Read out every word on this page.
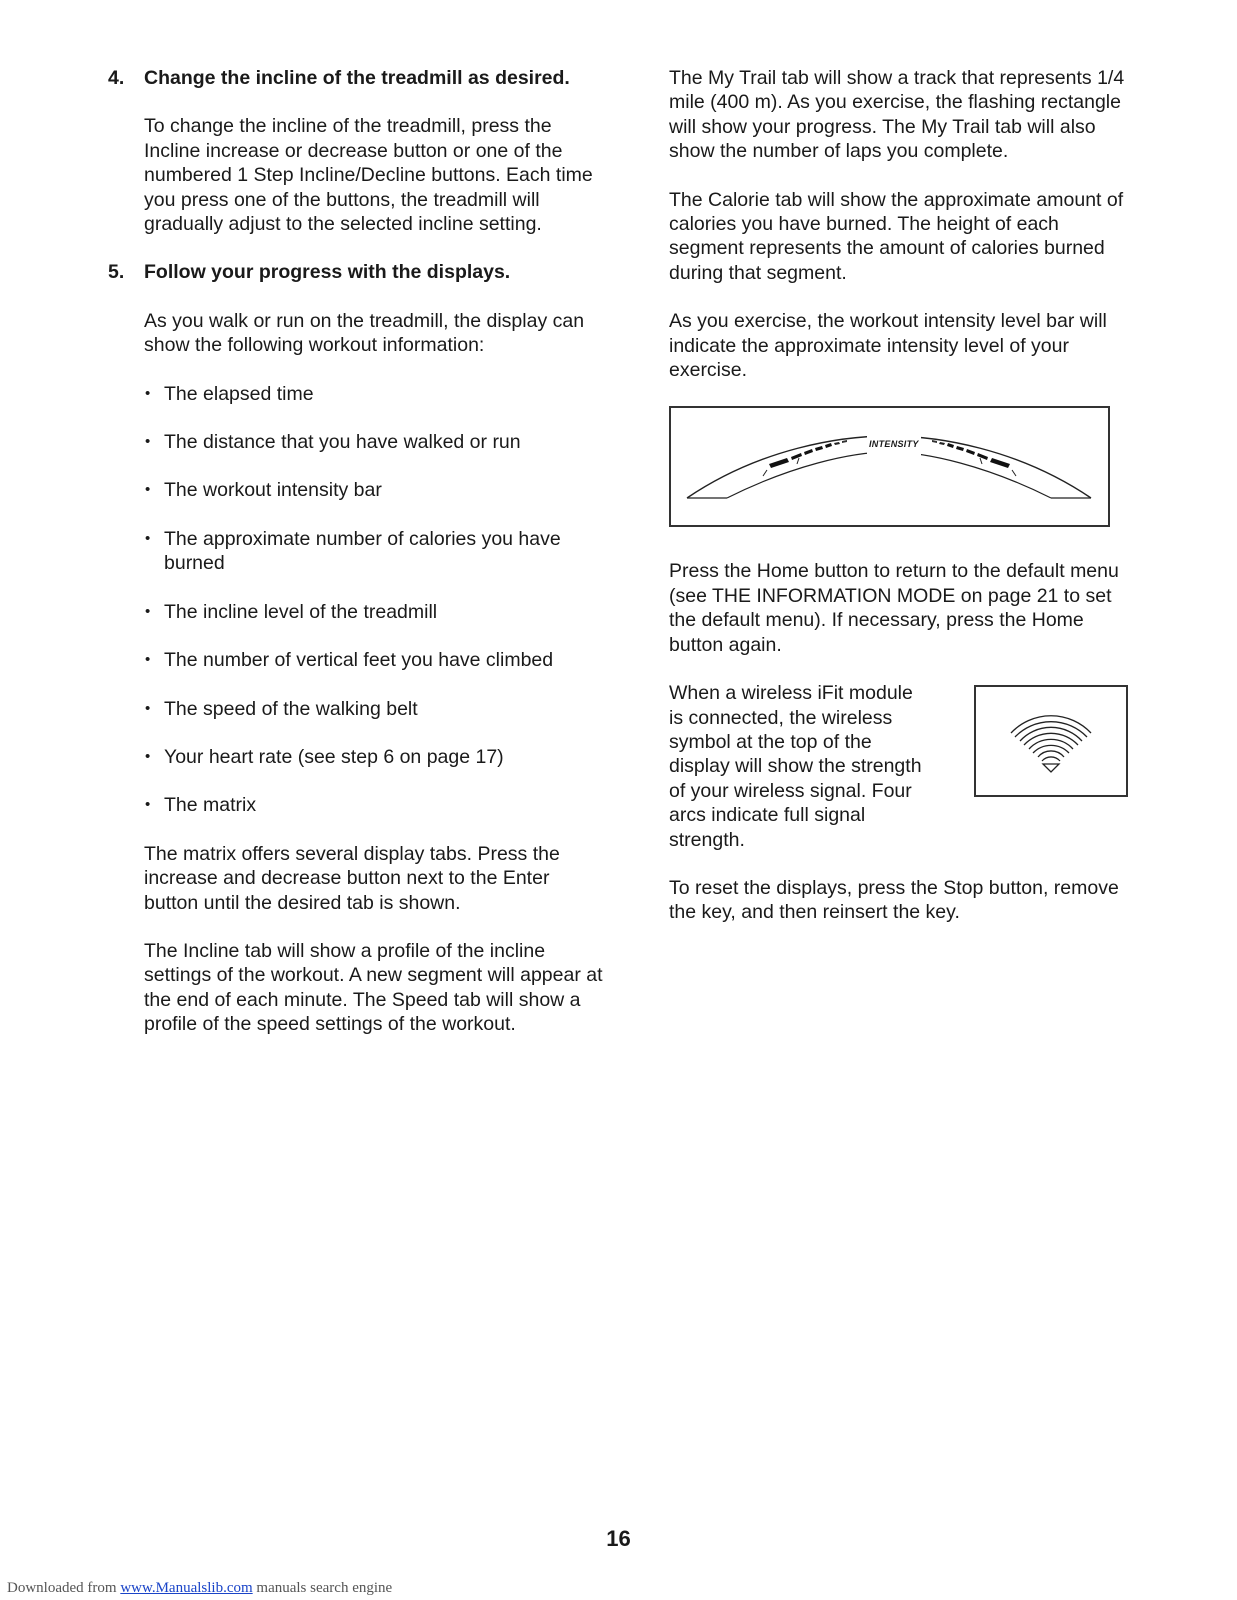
4. Change the incline of the treadmill as desired.

To change the incline of the treadmill, press the Incline increase or decrease button or one of the numbered 1 Step Incline/Decline buttons. Each time you press one of the buttons, the treadmill will gradually adjust to the selected incline setting.

5. Follow your progress with the displays.

As you walk or run on the treadmill, the display can show the following workout information:

• The elapsed time
• The distance that you have walked or run
• The workout intensity bar
• The approximate number of calories you have burned
• The incline level of the treadmill
• The number of vertical feet you have climbed
• The speed of the walking belt
• Your heart rate (see step 6 on page 17)
• The matrix

The matrix offers several display tabs. Press the increase and decrease button next to the Enter button until the desired tab is shown.

The Incline tab will show a profile of the incline settings of the workout. A new segment will appear at the end of each minute. The Speed tab will show a profile of the speed settings of the workout.

The My Trail tab will show a track that represents 1/4 mile (400 m). As you exercise, the flashing rectangle will show your progress. The My Trail tab will also show the number of laps you complete.

The Calorie tab will show the approximate amount of calories you have burned. The height of each segment represents the amount of calories burned during that segment.

As you exercise, the workout intensity level bar will indicate the approximate intensity level of your exercise.

INTENSITY

Press the Home button to return to the default menu (see THE INFORMATION MODE on page 21 to set the default menu). If necessary, press the Home button again.

When a wireless iFit module is connected, the wireless symbol at the top of the display will show the strength of your wireless signal. Four arcs indicate full signal strength.

To reset the displays, press the Stop button, remove the key, and then reinsert the key.

16
Downloaded from www.Manualslib.com manuals search engine
